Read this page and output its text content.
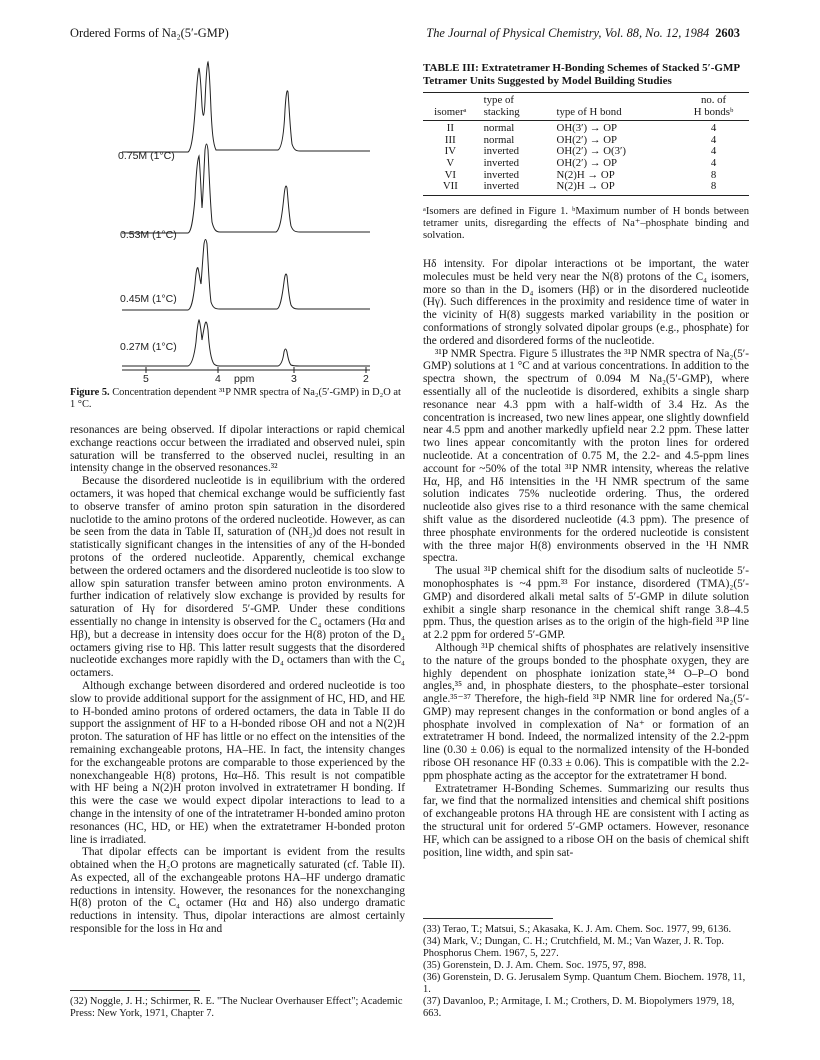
Ordered Forms of Na₂(5′-GMP)	The Journal of Physical Chemistry, Vol. 88, No. 12, 1984 2603
0.75M (1°C)
0.53M (1°C)
0.45M (1°C)
0.27M (1°C)
5	4 ppm	3	2
Figure 5. Concentration dependent ³¹P NMR spectra of Na₂(5′-GMP) in D₂O at 1 °C.

resonances are being observed. If dipolar interactions or rapid chemical exchange reactions occur between the irradiated and observed nulei, spin saturation will be transferred to the observed nuclei, resulting in an intensity change in the observed resonances.³²

Because the disordered nucleotide is in equilibrium with the ordered octamers, it was hoped that chemical exchange would be sufficiently fast to observe transfer of amino proton spin saturation in the disordered nuclotide to the amino protons of the ordered nucleotide. However, as can be seen from the data in Table II, saturation of (NH₂)d does not result in statistically significant changes in the intensities of any of the H-bonded protons of the ordered nucleotide. Apparently, chemical exchange between the ordered octamers and the disordered nucleotide is too slow to allow spin saturation transfer between amino proton environments. A further indication of relatively slow exchange is provided by results for saturation of Hγ for disordered 5′-GMP. Under these conditions essentially no change in intensity is observed for the C₄ octamers (Hα and Hβ), but a decrease in intensity does occur for the H(8) proton of the D₄ octamers giving rise to Hβ. This latter result suggests that the disordered nucleotide exchanges more rapidly with the D₄ octamers than with the C₄ octamers.

Although exchange between disordered and ordered nucleotide is too slow to provide additional support for the assignment of HC, HD, and HE to H-bonded amino protons of ordered octamers, the data in Table II do support the assignment of HF to a H-bonded ribose OH and not a N(2)H proton. The saturation of HF has little or no effect on the intensities of the remaining exchangeable protons, HA–HE. In fact, the intensity changes for the exchangeable protons are comparable to those experienced by the nonexchangeable H(8) protons, Hα–Hδ. This result is not compatible with HF being a N(2)H proton involved in extratetramer H bonding. If this were the case we would expect dipolar interactions to lead to a change in the intensity of one of the intratetramer H-bonded amino proton resonances (HC, HD, or HE) when the extratetramer H-bonded proton line is irradiated.

That dipolar effects can be important is evident from the results obtained when the H₂O protons are magnetically saturated (cf. Table II). As expected, all of the exchangeable protons HA–HF undergo dramatic reductions in intensity. However, the resonances for the nonexchanging H(8) proton of the C₄ octamer (Hα and Hδ) also undergo dramatic reductions in intensity. Thus, dipolar interactions are almost certainly responsible for the loss in Hα and

(32) Noggle, J. H.; Schirmer, R. E. "The Nuclear Overhauser Effect"; Academic Press: New York, 1971, Chapter 7.

TABLE III: Extratetramer H-Bonding Schemes of Stacked 5′-GMP Tetramer Units Suggested by Model Building Studies
	type of		no. of
isomerᵃ	stacking	type of H bond	H bondsᵇ
II	normal	OH(3′) → OP	4
III	normal	OH(2′) → OP	4
IV	inverted	OH(2′) → O(3′)	4
V	inverted	OH(2′) → OP	4
VI	inverted	N(2)H → OP	8
VII	inverted	N(2)H → OP	8
ᵃIsomers are defined in Figure 1. ᵇMaximum number of H bonds between tetramer units, disregarding the effects of Na⁺–phosphate binding and solvation.

Hδ intensity. For dipolar interactions ot be important, the water molecules must be held very near the N(8) protons of the C₄ isomers, more so than in the D₄ isomers (Hβ) or in the disordered nucleotide (Hγ). Such differences in the proximity and residence time of water in the vicinity of H(8) suggests marked variability in the position or conformations of strongly solvated dipolar groups (e.g., phosphate) for the ordered and disordered forms of the nucleotide.

³¹P NMR Spectra. Figure 5 illustrates the ³¹P NMR spectra of Na₂(5′-GMP) solutions at 1 °C and at various concentrations. In addition to the spectra shown, the spectrum of 0.094 M Na₂(5′-GMP), where essentially all of the nucleotide is disordered, exhibits a single sharp resonance near 4.3 ppm with a half-width of 3.4 Hz. As the concentration is increased, two new lines appear, one slightly downfield near 4.5 ppm and another markedly upfield near 2.2 ppm. These latter two lines appear concomitantly with the proton lines for ordered nucleotide. At a concentration of 0.75 M, the 2.2- and 4.5-ppm lines account for ~50% of the total ³¹P NMR intensity, whereas the relative Hα, Hβ, and Hδ intensities in the ¹H NMR spectrum of the same solution indicates 75% nucleotide ordering. Thus, the ordered nucleotide also gives rise to a third resonance with the same chemical shift value as the disordered nucleotide (4.3 ppm). The presence of three phosphate environments for the ordered nucleotide is consistent with the three major H(8) environments observed in the ¹H NMR spectra.

The usual ³¹P chemical shift for the disodium salts of nucleotide 5′-monophosphates is ~4 ppm.³³ For instance, disordered (TMA)₂(5′-GMP) and disordered alkali metal salts of 5′-GMP in dilute solution exhibit a single sharp resonance in the chemical shift range 3.8–4.5 ppm. Thus, the question arises as to the origin of the high-field ³¹P line at 2.2 ppm for ordered 5′-GMP.

Although ³¹P chemical shifts of phosphates are relatively insensitive to the nature of the groups bonded to the phosphate oxygen, they are highly dependent on phosphate ionization state,³⁴ O–P–O bond angles,³⁵ and, in phosphate diesters, to the phosphate–ester torsional angle.³⁵⁻³⁷ Therefore, the high-field ³¹P NMR line for ordered Na₂(5′-GMP) may represent changes in the conformation or bond angles of a phosphate involved in complexation of Na⁺ or formation of an extratetramer H bond. Indeed, the normalized intensity of the 2.2-ppm line (0.30 ± 0.06) is equal to the normalized intensity of the H-bonded ribose OH resonance HF (0.33 ± 0.06). This is compatible with the 2.2-ppm phosphate acting as the acceptor for the extratetramer H bond.

Extratetramer H-Bonding Schemes. Summarizing our results thus far, we find that the normalized intensities and chemical shift positions of exchangeable protons HA through HE are consistent with I acting as the structural unit for ordered 5′-GMP octamers. However, resonance HF, which can be assigned to a ribose OH on the basis of chemical shift position, line width, and spin sat-

(33) Terao, T.; Matsui, S.; Akasaka, K. J. Am. Chem. Soc. 1977, 99, 6136.

(34) Mark, V.; Dungan, C. H.; Crutchfield, M. M.; Van Wazer, J. R. Top. Phosphorus Chem. 1967, 5, 227.

(35) Gorenstein, D. J. Am. Chem. Soc. 1975, 97, 898.

(36) Gorenstein, D. G. Jerusalem Symp. Quantum Chem. Biochem. 1978, 11, 1.

(37) Davanloo, P.; Armitage, I. M.; Crothers, D. M. Biopolymers 1979, 18, 663.
